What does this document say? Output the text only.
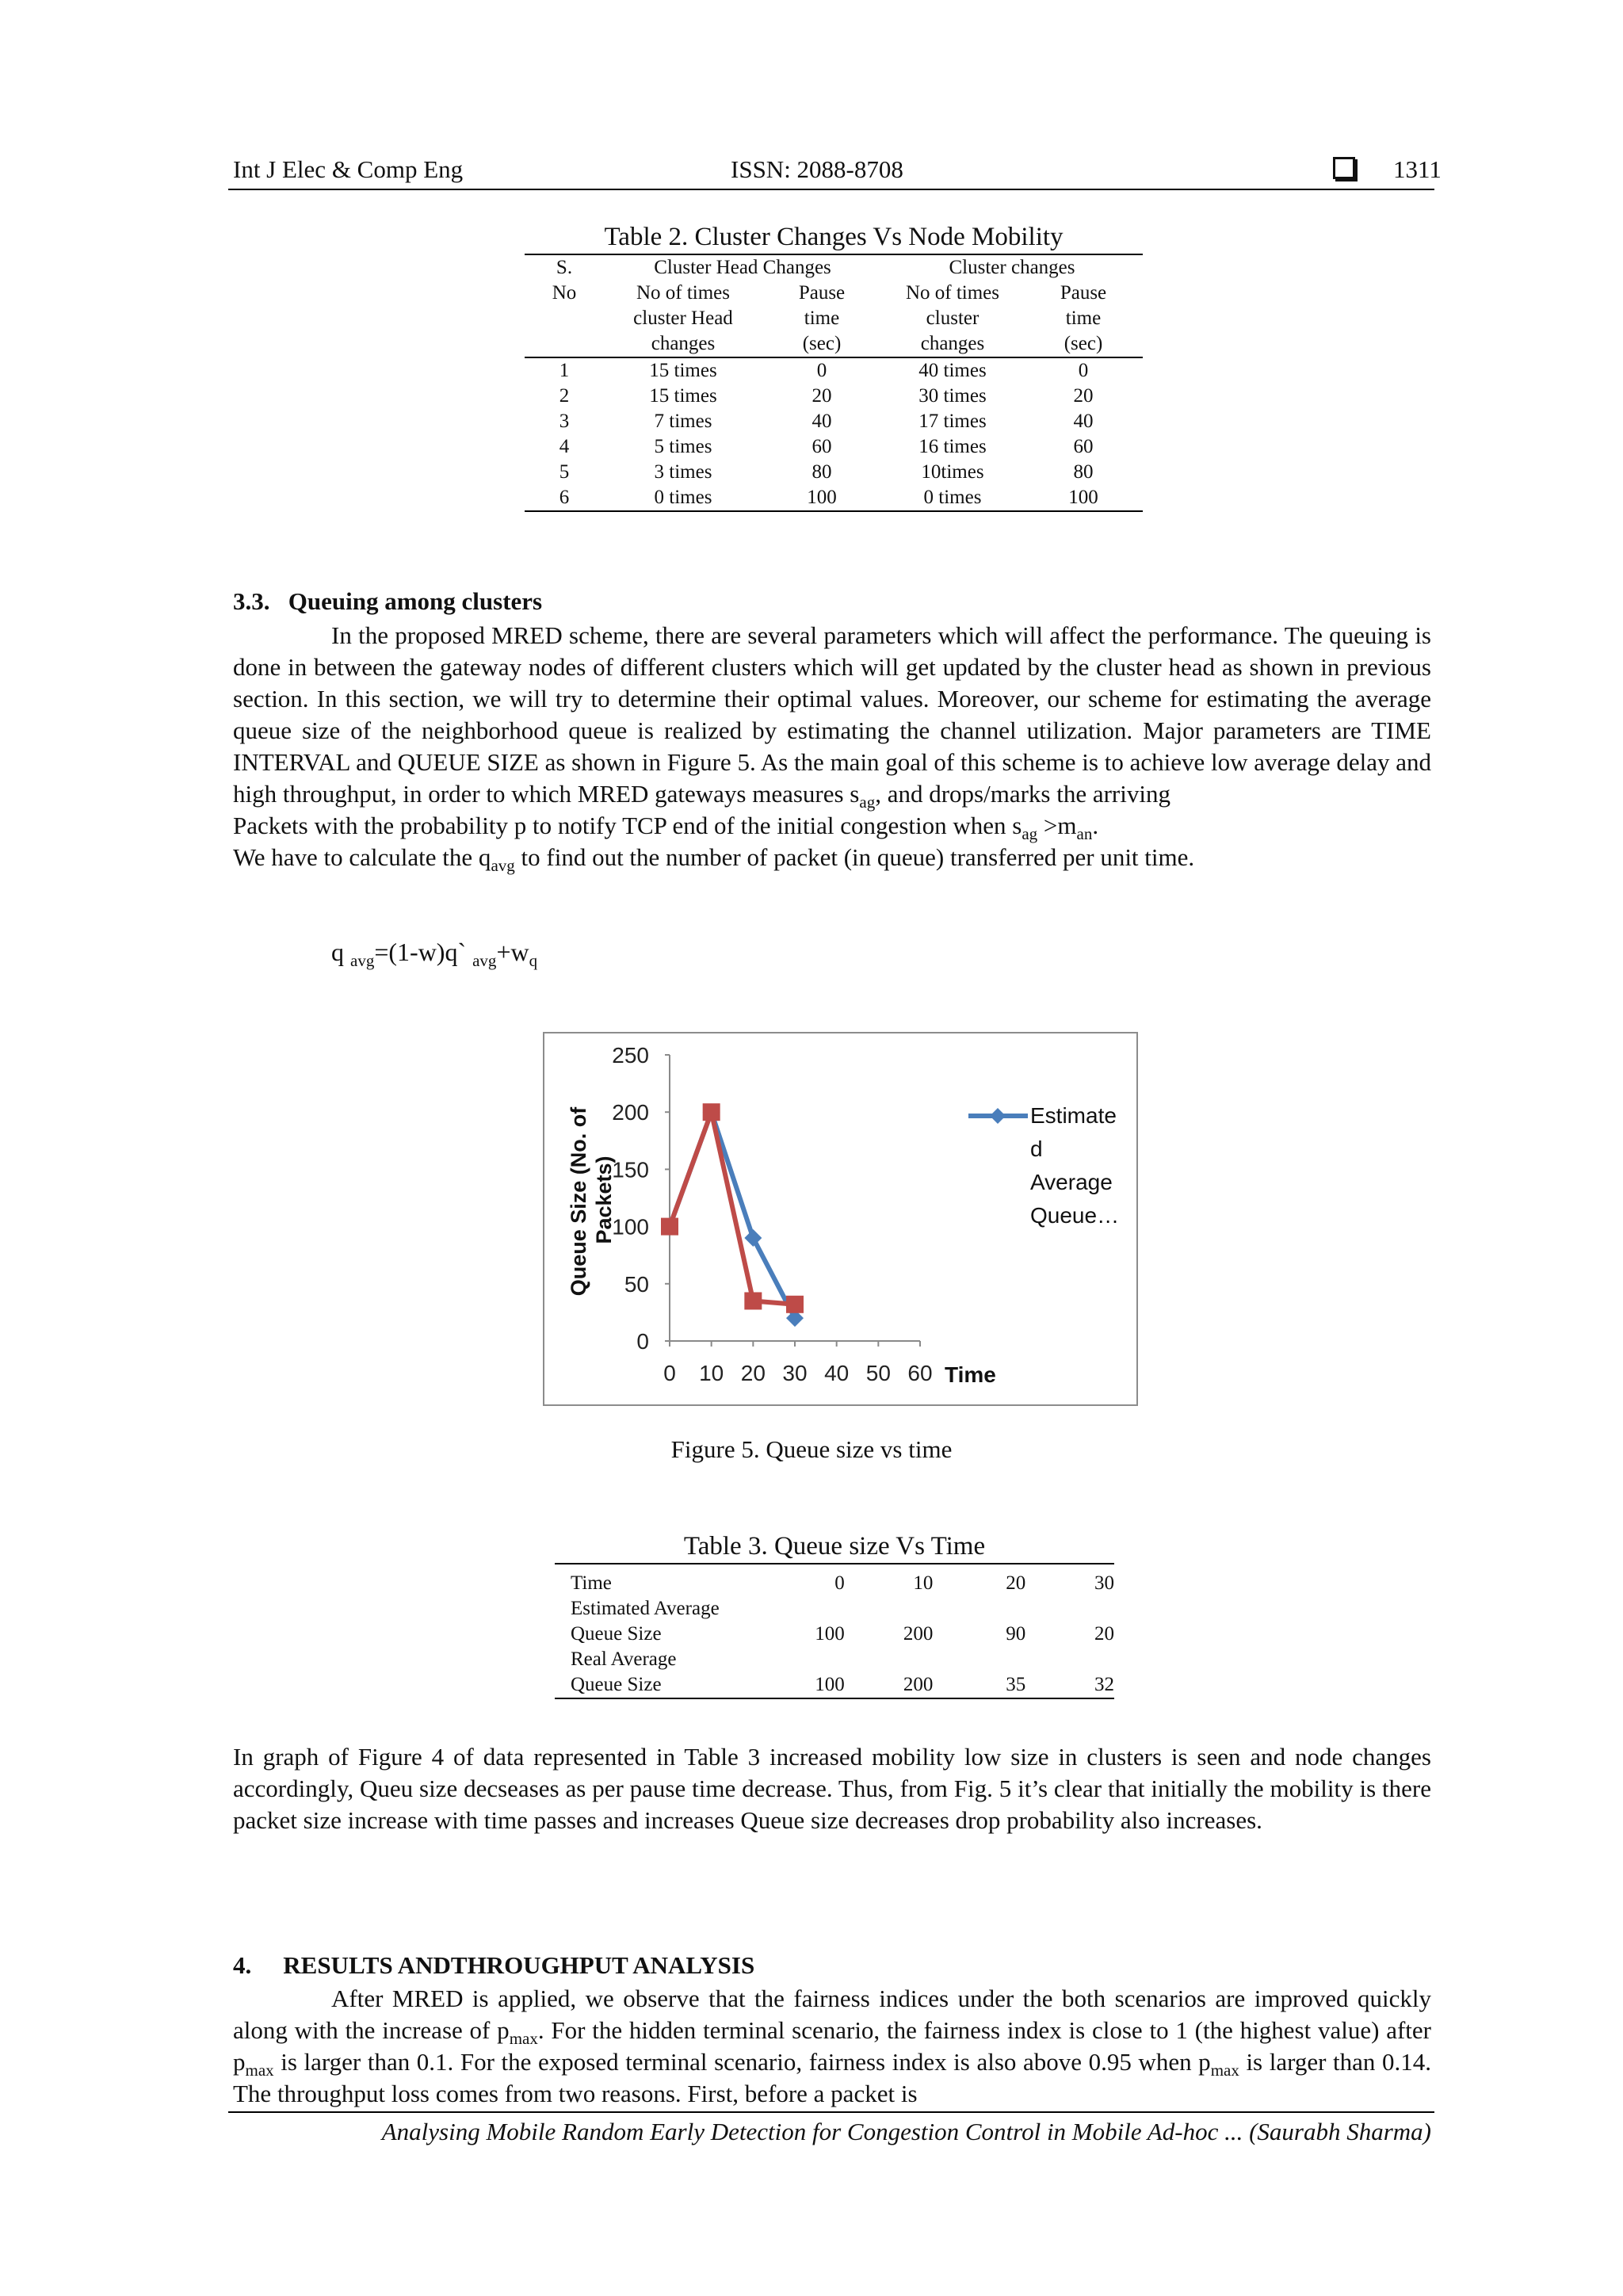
Int J Elec & Comp Eng	ISSN: 2088-8708	1311
Table 2. Cluster Changes Vs Node Mobility
S.	Cluster Head Changes		Cluster changes	
No	No of times	Pause	No of times	Pause
	cluster Head	time	cluster	time
	changes	(sec)	changes	(sec)
1	15 times	0	40 times	0
2	15 times	20	30 times	20
3	7 times	40	17 times	40
4	5 times	60	16 times	60
5	3 times	80	10times	80
6	0 times	100	0 times	100
3.3. Queuing among clusters

In the proposed MRED scheme, there are several parameters which will affect the performance. The queuing is done in between the gateway nodes of different clusters which will get updated by the cluster head as shown in previous section. In this section, we will try to determine their optimal values. Moreover, our scheme for estimating the average queue size of the neighborhood queue is realized by estimating the channel utilization. Major parameters are TIME INTERVAL and QUEUE SIZE as shown in Figure 5. As the main goal of this scheme is to achieve low average delay and high throughput, in order to which MRED gateways measures $s_{ag}$, and drops/marks the arriving

Packets with the probability p to notify TCP end of the initial congestion when $s_{ag} >m_{an}$.

We have to calculate the $q_{avg}$ to find out the number of packet (in queue) transferred per unit time.

q $_{avg}$=(1-w)q` $_{avg}+w_q$
0
50
100
150
200
250
0 10 20 30 40 50 60 Time
Queue Size (No. ofPackets)
Estimate
d
Average
Queue…
Figure 5. Queue size vs time
Table 3. Queue size Vs Time

Time	0	10	20	30
Estimated Average				
Queue Size	100	200	90	20
Real Average				
Queue Size	100	200	35	32

In graph of Figure 4 of data represented in Table 3 increased mobility low size in clusters is seen and node changes accordingly, Queu size decseases as per pause time decrease. Thus, from Fig. 5 it’s clear that initially the mobility is there packet size increase with time passes and increases Queue size decreases drop probability also increases.

4. RESULTS ANDTHROUGHPUT ANALYSIS

After MRED is applied, we observe that the fairness indices under the both scenarios are improved quickly along with the increase of $p_{max}$. For the hidden terminal scenario, the fairness index is close to 1 (the highest value) after $p_{max}$ is larger than 0.1. For the exposed terminal scenario, fairness index is also above 0.95 when $p_{max}$ is larger than 0.14. The throughput loss comes from two reasons. First, before a packet is

Analysing Mobile Random Early Detection for Congestion Control in Mobile Ad-hoc ... (Saurabh Sharma)
